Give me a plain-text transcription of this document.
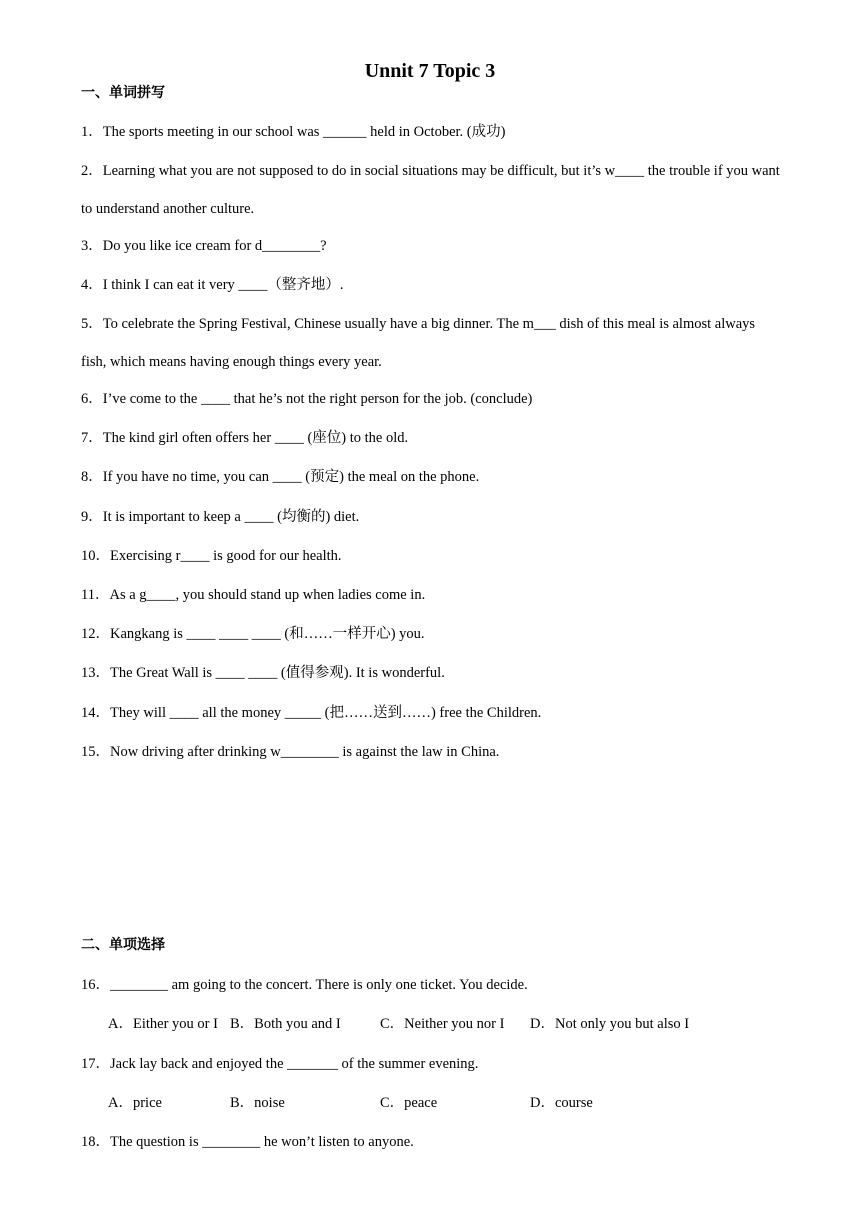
Unnit 7 Topic 3
一、单词拼写
1．The sports meeting in our school was ______ held in October. (成功)
2．Learning what you are not supposed to do in social situations may be difficult, but it’s w____ the trouble if you want to understand another culture.
3．Do you like ice cream for d________?
4．I think I can eat it very ____（整齐地）.
5．To celebrate the Spring Festival, Chinese usually have a big dinner. The m___ dish of this meal is almost always fish, which means having enough things every year.
6．I’ve come to the ____ that he’s not the right person for the job. (conclude)
7．The kind girl often offers her ____ (座位) to the old.
8．If you have no time, you can ____ (预定) the meal on the phone.
9．It is important to keep a ____ (均衡的) diet.
10．Exercising r____ is good for our health.
11．As a g____, you should stand up when ladies come in.
12．Kangkang is ____ ____ ____ (和……一样开心) you.
13．The Great Wall is ____ ____ (值得参观). It is wonderful.
14．They will ____ all the money _____ (把……送到……) free the Children.
15．Now driving after drinking w________ is against the law in China.
二、单项选择
16．________ am going to the concert. There is only one ticket. You decide.
A．Either you or I B．Both you and I	C．Neither you nor I D．Not only you but also I
17．Jack lay back and enjoyed the _______ of the summer evening.
A．price	B．noise	C．peace	D．course
18．The question is ________ he won’t listen to anyone.
